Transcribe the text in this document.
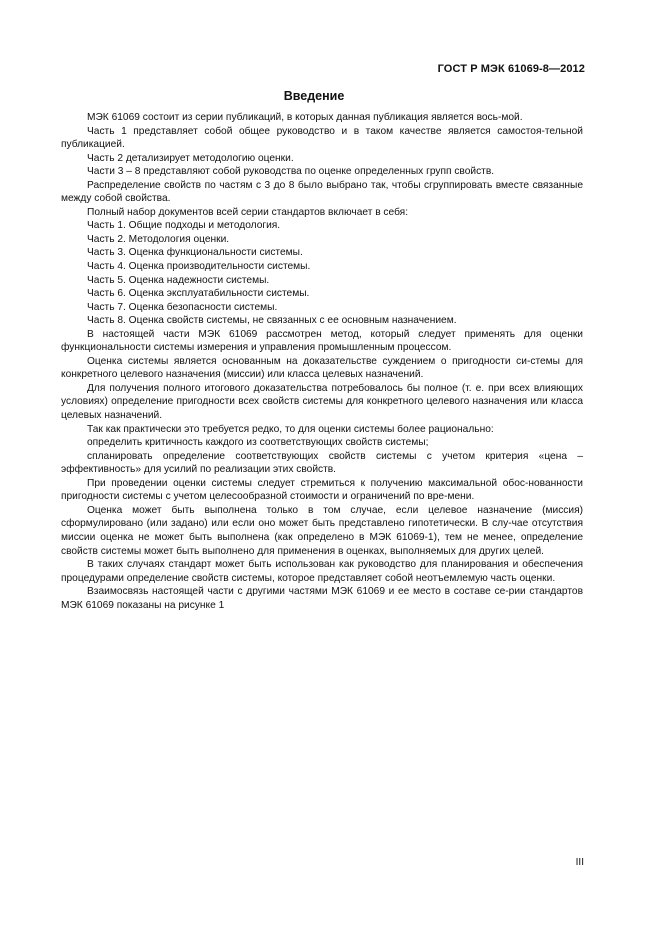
ГОСТ Р МЭК 61069-8—2012
Введение

МЭК 61069 состоит из серии публикаций, в которых данная публикация является вось-мой.

Часть 1 представляет собой общее руководство и в таком качестве является самостоя-тельной публикацией.

Часть 2 детализирует методологию оценки.

Части 3 – 8 представляют собой руководства по оценке определенных групп свойств.

Распределение свойств по частям с 3 до 8 было выбрано так, чтобы сгруппировать вместе связанные между собой свойства.

Полный набор документов всей серии стандартов включает в себя:

Часть 1. Общие подходы и методология.

Часть 2. Методология оценки.

Часть 3. Оценка функциональности системы.

Часть 4. Оценка производительности системы.

Часть 5. Оценка надежности системы.

Часть 6. Оценка эксплуатабильности системы.

Часть 7. Оценка безопасности системы.

Часть 8. Оценка свойств системы, не связанных с ее основным назначением.

В настоящей части МЭК 61069 рассмотрен метод, который следует применять для оценки функциональности системы измерения и управления промышленным процессом.

Оценка системы является основанным на доказательстве суждением о пригодности си-стемы для конкретного целевого назначения (миссии) или класса целевых назначений.

Для получения полного итогового доказательства потребовалось бы полное (т. е. при всех влияющих условиях) определение пригодности всех свойств системы для конкретного целевого назначения или класса целевых назначений.

Так как практически это требуется редко, то для оценки системы более рационально:

определить критичность каждого из соответствующих свойств системы;

спланировать определение соответствующих свойств системы с учетом критерия «цена – эффективность» для усилий по реализации этих свойств.

При проведении оценки системы следует стремиться к получению максимальной обос-нованности пригодности системы с учетом целесообразной стоимости и ограничений по вре-мени.

Оценка может быть выполнена только в том случае, если целевое назначение (миссия) сформулировано (или задано) или если оно может быть представлено гипотетически. В слу-чае отсутствия миссии оценка не может быть выполнена (как определено в МЭК 61069-1), тем не менее, определение свойств системы может быть выполнено для применения в оценках, выполняемых для других целей.

В таких случаях стандарт может быть использован как руководство для планирования и обеспечения процедурами определение свойств системы, которое представляет собой неотъемлемую часть оценки.

Взаимосвязь настоящей части с другими частями МЭК 61069 и ее место в составе се-рии стандартов МЭК 61069 показаны на рисунке 1

III
